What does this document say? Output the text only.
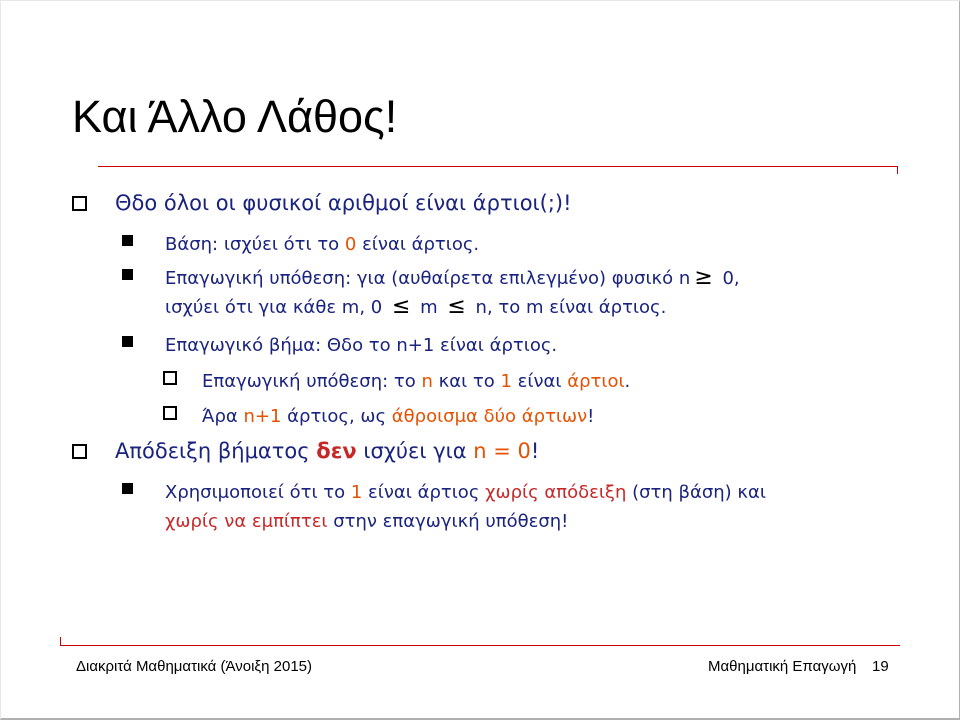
Και Άλλο Λάθος!
Θδο όλοι οι φυσικοί αριθμοί είναι άρτιοι(;)!
Βάση: ισχύει ότι το 0 είναι άρτιος.
Επαγωγική υπόθεση: για (αυθαίρετα επιλεγμένο) φυσικό n ≥ 0,
ισχύει ότι για κάθε m, 0 ≤ m ≤ n, το m είναι άρτιος.
Επαγωγικό βήμα: Θδο το n+1 είναι άρτιος.
Επαγωγική υπόθεση: το n και το 1 είναι άρτιοι.
Άρα n+1 άρτιος, ως άθροισμα δύο άρτιων!
Απόδειξη βήματος δεν ισχύει για n = 0!
Χρησιμοποιεί ότι το 1 είναι άρτιος χωρίς απόδειξη (στη βάση) και
χωρίς να εμπίπτει στην επαγωγική υπόθεση!
Διακριτά Μαθηματικά (Άνοιξη 2015)	Μαθηματική Επαγωγή 19
